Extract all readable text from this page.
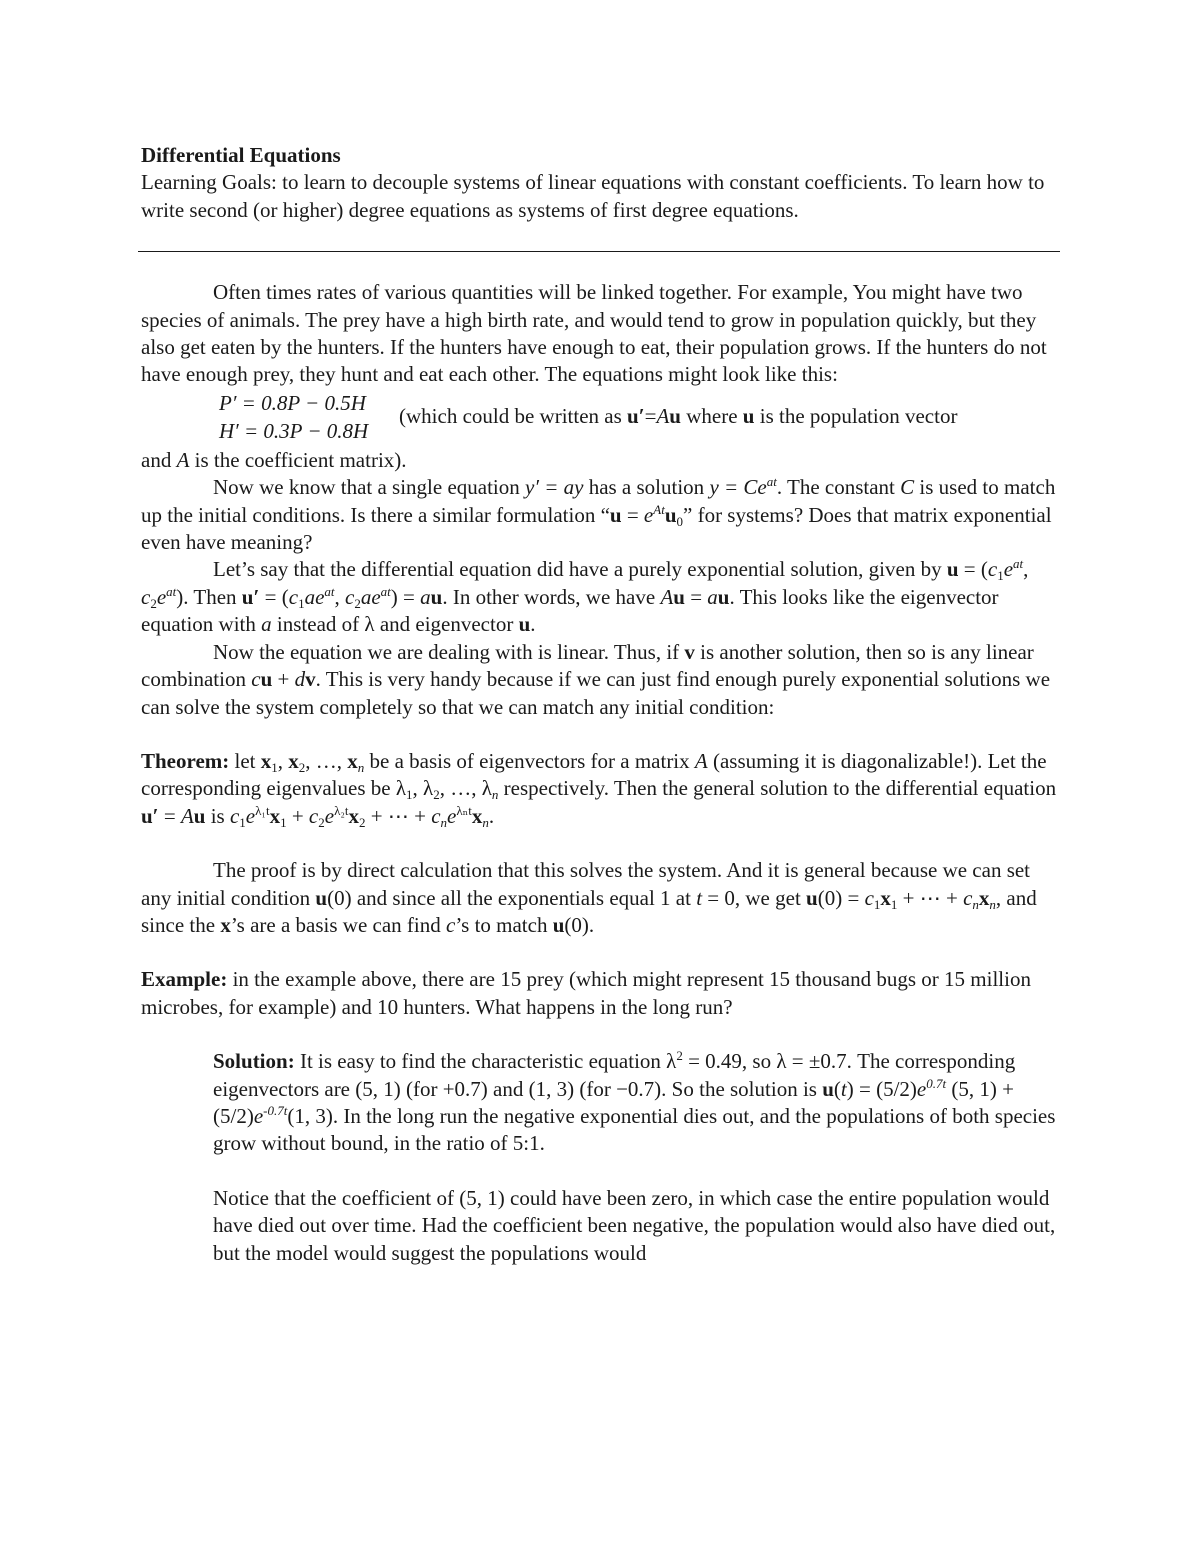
Differential Equations

Learning Goals: to learn to decouple systems of linear equations with constant coefficients. To learn how to write second (or higher) degree equations as systems of first degree equations.

Often times rates of various quantities will be linked together. For example, You might have two species of animals. The prey have a high birth rate, and would tend to grow in population quickly, but they also get eaten by the hunters. If the hunters have enough to eat, their population grows. If the hunters do not have enough prey, they hunt and eat each other. The equations might look like this:

P′ = 0.8P − 0.5H
H′ = 0.3P − 0.8H
(which could be written as u′=Au where u is the population vector

and A is the coefficient matrix).

Now we know that a single equation y′ = ay has a solution $y = Ce^{at}$. The constant C is used to match up the initial conditions. Is there a similar formulation “$u = e^{At}u_0$” for systems? Does that matrix exponential even have meaning?

Let’s say that the differential equation did have a purely exponential solution, given by $u = (c_1e^{at}$, $c_2e^{at}$). Then $u' = (c_1ae^{at}$, $c_2ae^{at}$) = au. In other words, we have Au = au. This looks like the eigenvector equation with a instead of λ and eigenvector u.

Now the equation we are dealing with is linear. Thus, if v is another solution, then so is any linear combination cu + dv. This is very handy because if we can just find enough purely exponential solutions we can solve the system completely so that we can match any initial condition:

Theorem: let $x_1$, $x_2$, …, $x_n$ be a basis of eigenvectors for a matrix A (assuming it is diagonalizable!). Let the corresponding eigenvalues be $\lambda_1$, $\lambda_2$, …, $\lambda_n$ respectively. Then the general solution to the differential equation u′ = Au is $c_1e^{\lambda_1t}x_1 + c_2e^{\lambda_2t}x_2$ + ⋯ + $c_ne^{\lambda_nt}x_n$.

The proof is by direct calculation that this solves the system. And it is general because we can set any initial condition u(0) and since all the exponentials equal 1 at t = 0, we get $u(0) = c_1x_1$ + ⋯ + $c_nx_n$, and since the x’s are a basis we can find c’s to match u(0).

Example: in the example above, there are 15 prey (which might represent 15 thousand bugs or 15 million microbes, for example) and 10 hunters. What happens in the long run?

Solution: It is easy to find the characteristic equation $\lambda^2 = 0.49$, so λ = ±0.7. The corresponding eigenvectors are (5, 1) (for +0.7) and (1, 3) (for −0.7). So the solution is $u(t) = (5/2)e^{0.7t}$ (5, $1) + (5/2)e^{-0.7t}(1$, 3). In the long run the negative exponential dies out, and the populations of both species grow without bound, in the ratio of 5:1.

Notice that the coefficient of (5, 1) could have been zero, in which case the entire population would have died out over time. Had the coefficient been negative, the population would also have died out, but the model would suggest the populations would
